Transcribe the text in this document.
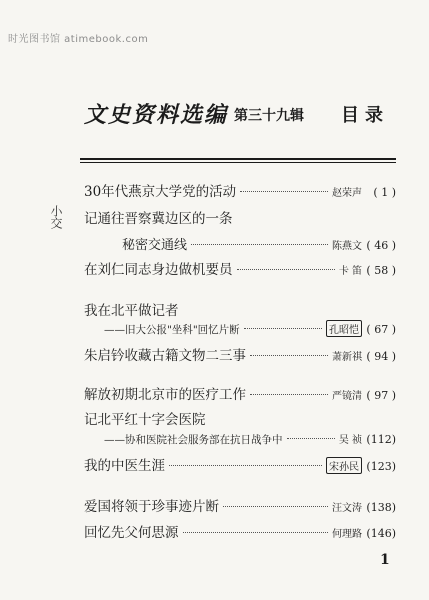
时光图书馆 atimebook.com
文史资料选编 第三十九辑 目录
小交
30年代燕京大学党的活动	赵荣声	( 1 )
记通往晋察冀边区的一条
秘密交通线	陈燕文 ( 46 )
在刘仁同志身边做机要员	卡 笛 ( 58 )
我在北平做记者
——旧大公报"坐科"回忆片断	孔昭恺 ( 67 )
朱启钤收藏古籍文物二三事	萧新祺 ( 94 )
解放初期北京市的医疗工作	严镜清 ( 97 )
记北平红十字会医院
——协和医院社会服务部在抗日战争中	吴 祯 (112)
我的中医生涯	宋孙民 (123)
爱国将领于珍事迹片断	汪文涛 (138)
回忆先父何思源	何理路 (146)
1
